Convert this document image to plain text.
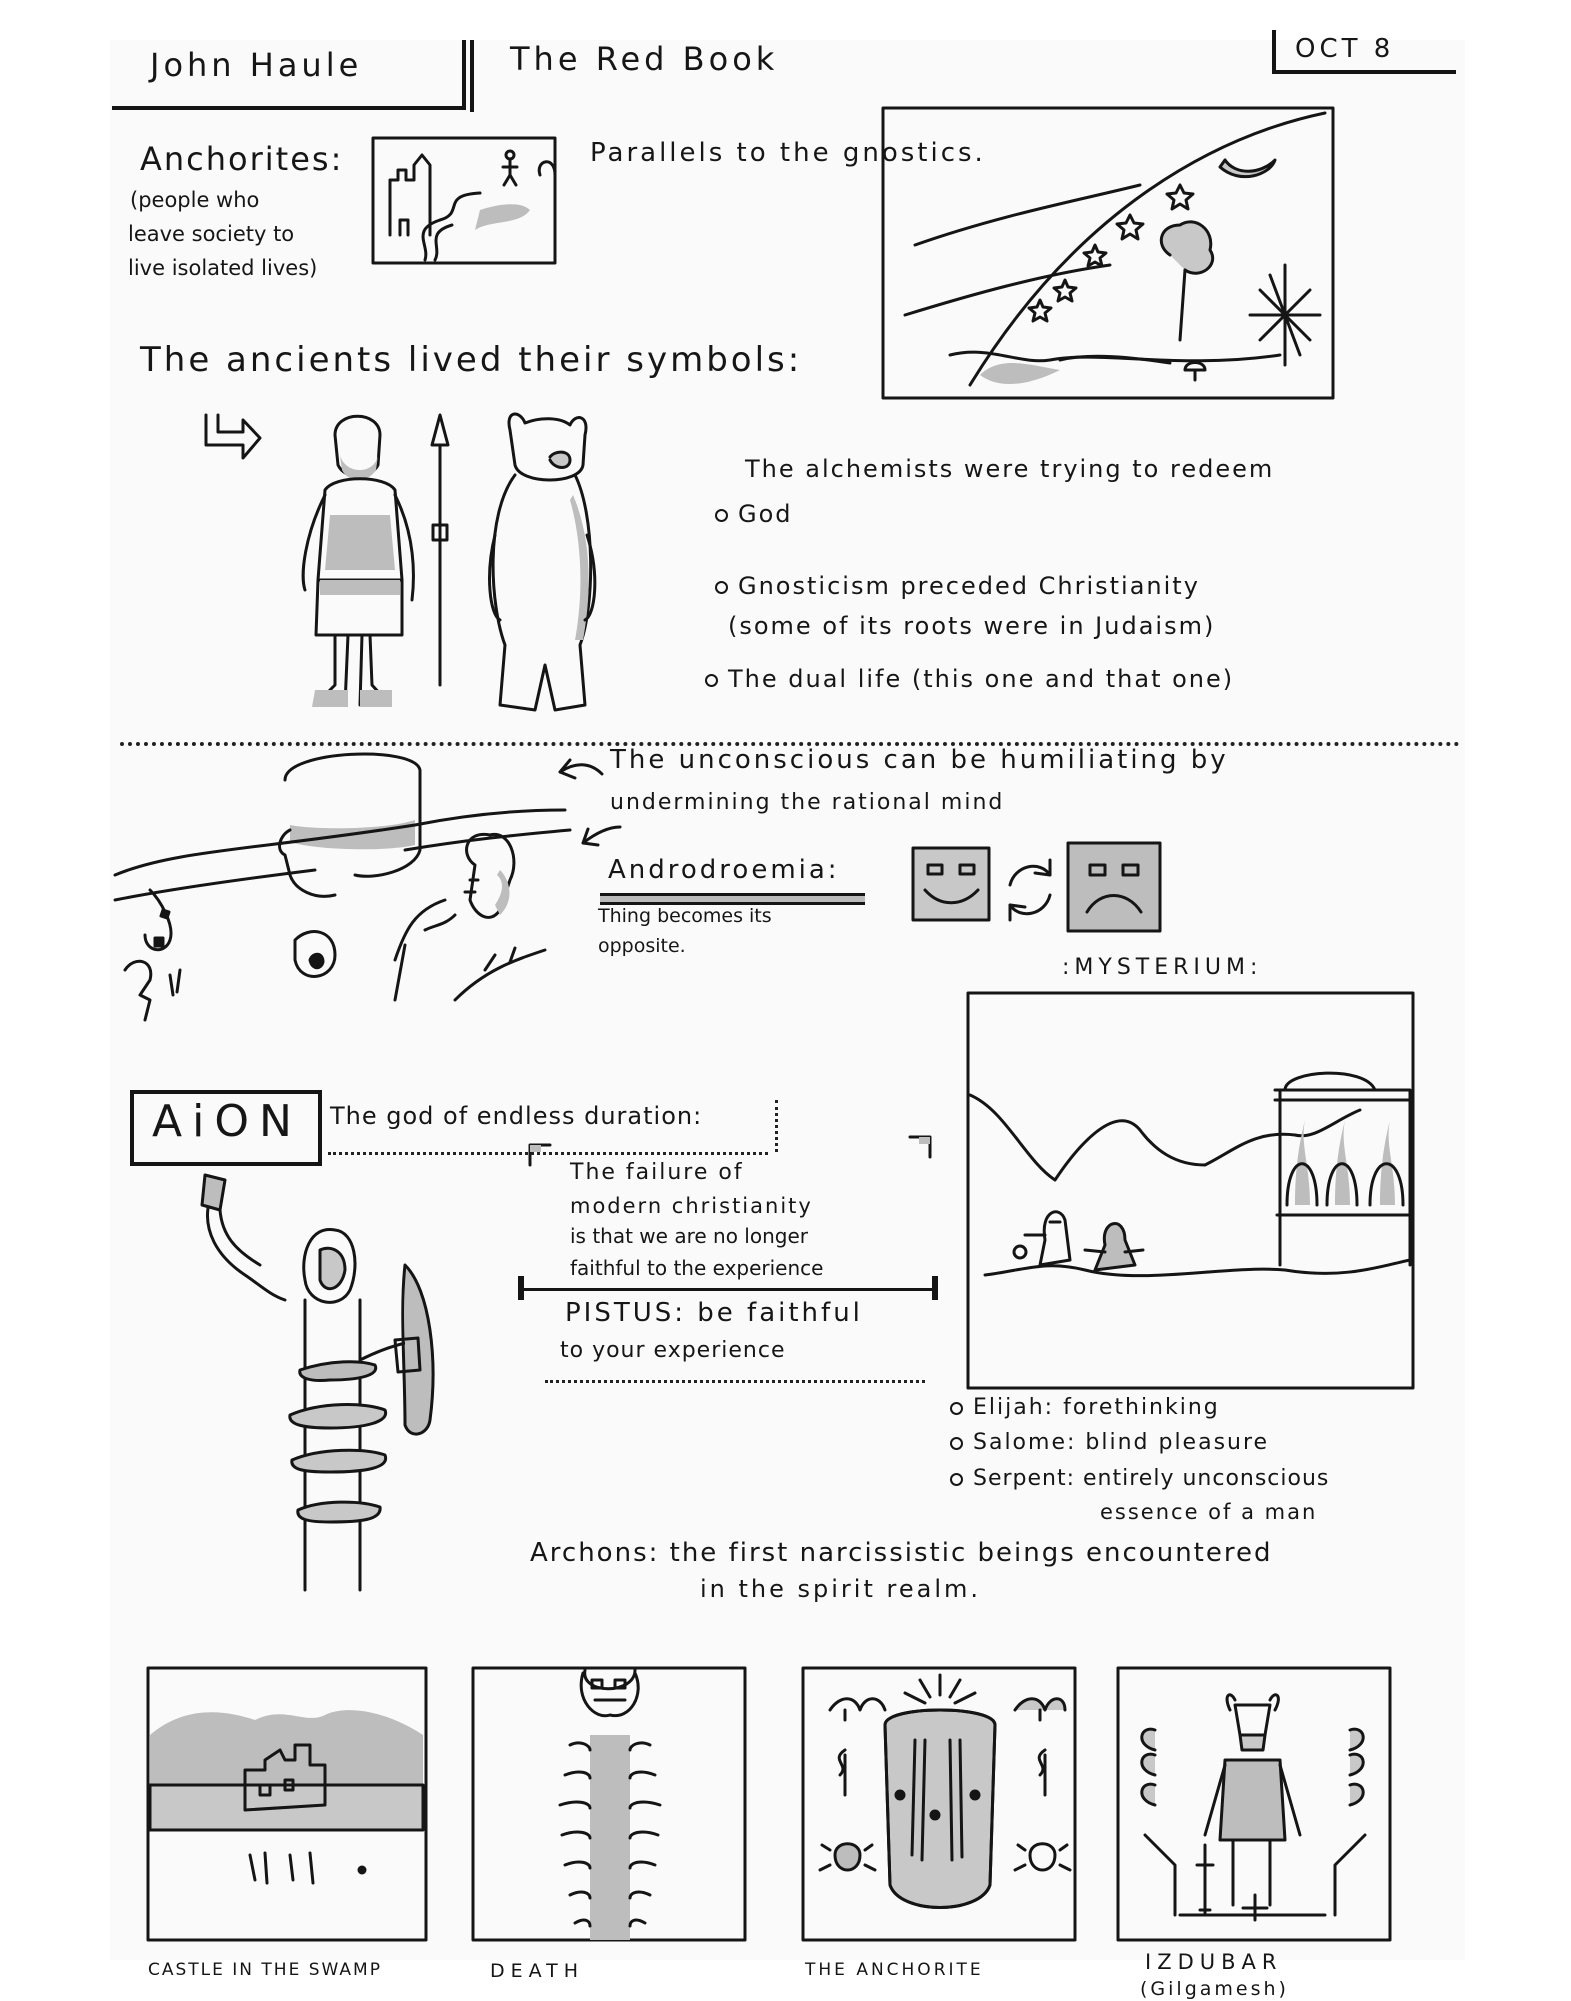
John Haule	The Red Book	OCT 8
Anchorites:
(people who
leave society to
live isolated lives)
Parallels to the gnostics.
The ancients lived their symbols:
The alchemists were trying to redeem
God
Gnosticism preceded Christianity
(some of its roots were in Judaism)
The dual life (this one and that one)
The unconscious can be humiliating by
undermining the rational mind
Androdroemia:
Thing becomes its
opposite.
:MYSTERIUM:
AiON The god of endless duration:
The failure of
modern christianity
is that we are no longer
faithful to the experience
PISTUS: be faithful
to your experience
Elijah: forethinking
Salome: blind pleasure
Serpent: entirely unconscious
essence of a man
Archons: the first narcissistic beings encountered
in the spirit realm.
CASTLE IN THE SWAMP	DEATH	THE ANCHORITE	IZDUBAR
(Gilgamesh)
